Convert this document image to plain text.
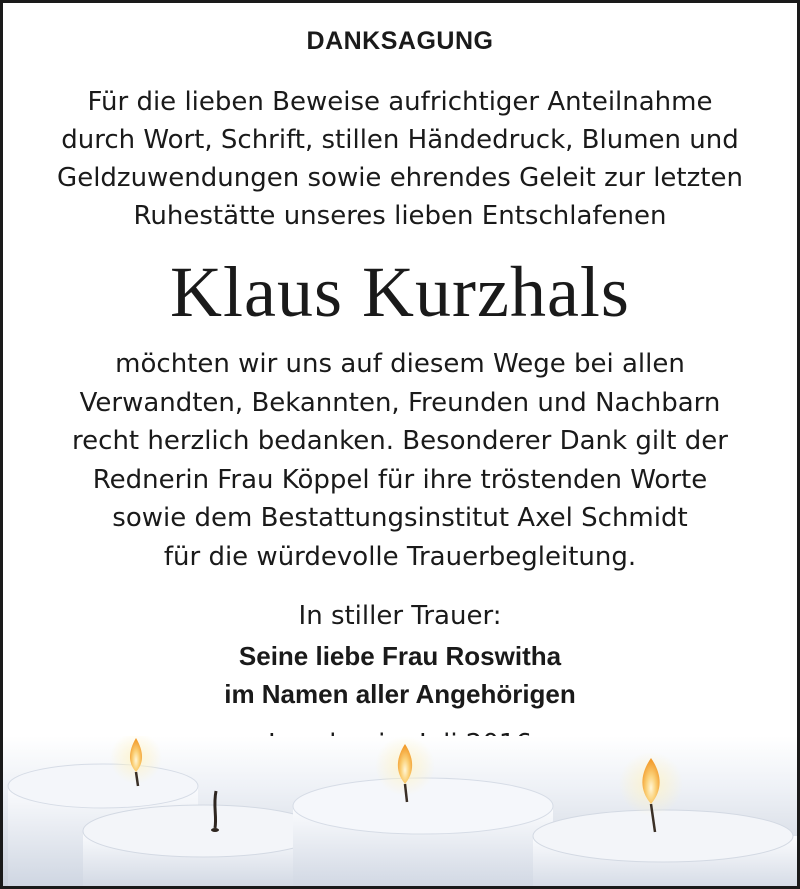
DANKSAGUNG
Für die lieben Beweise aufrichtiger Anteilnahme
durch Wort, Schrift, stillen Händedruck, Blumen und
Geldzuwendungen sowie ehrendes Geleit zur letzten
Ruhestätte unseres lieben Entschlafenen
Klaus Kurzhals
möchten wir uns auf diesem Wege bei allen
Verwandten, Bekannten, Freunden und Nachbarn
recht herzlich bedanken. Besonderer Dank gilt der
Rednerin Frau Köppel für ihre tröstenden Worte
sowie dem Bestattungsinstitut Axel Schmidt
für die würdevolle Trauerbegleitung.
In stiller Trauer:
Seine liebe Frau Roswitha
im Namen aller Angehörigen
